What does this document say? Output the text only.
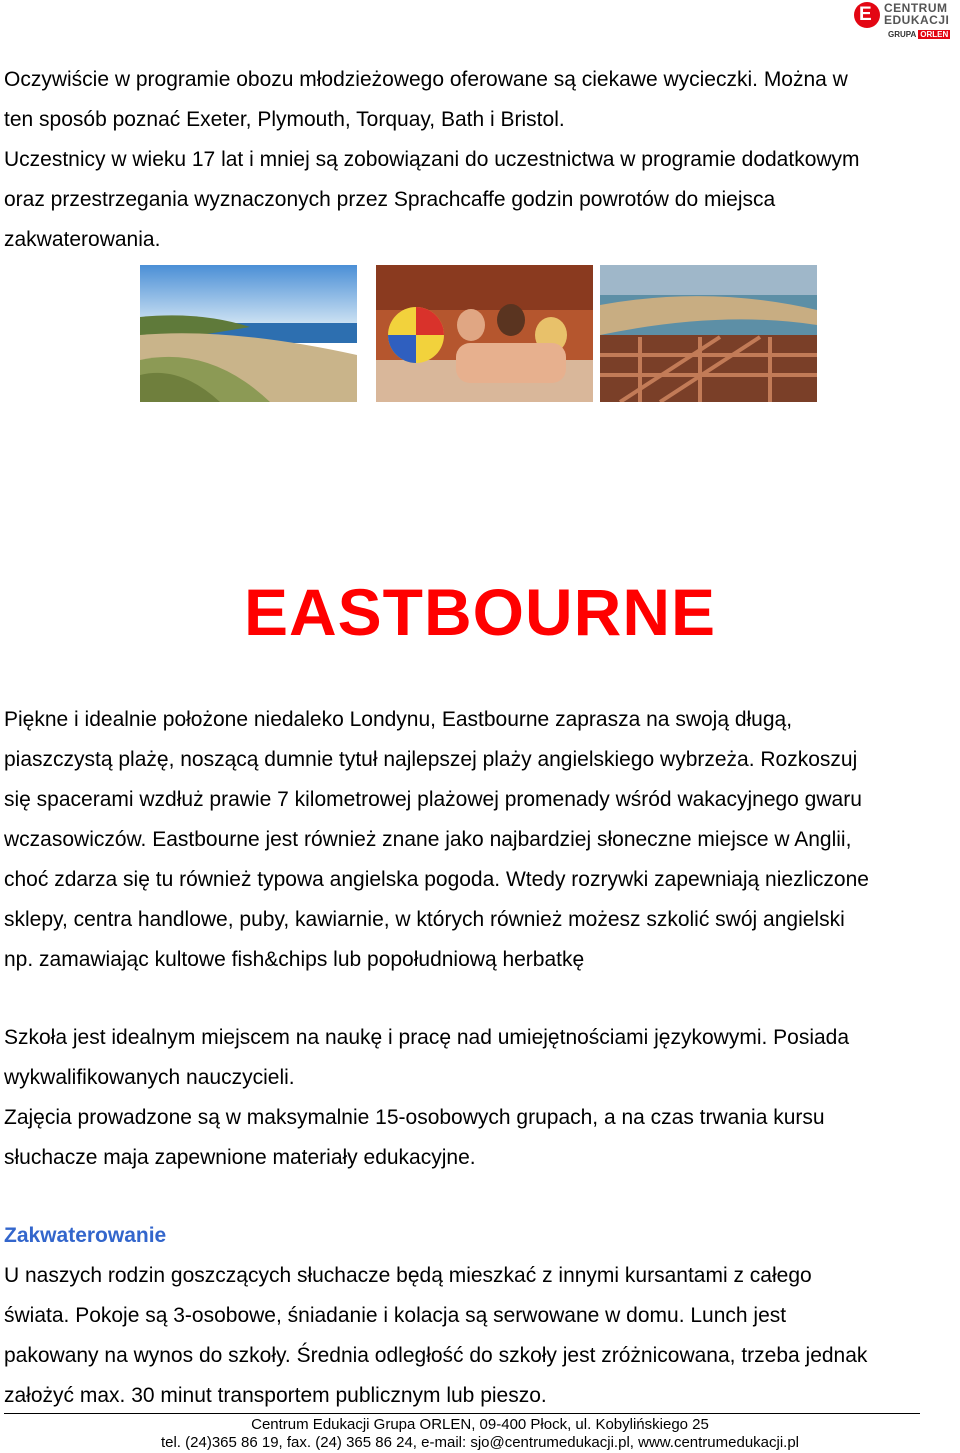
E CENTRUM
EDUKACJI
GRUPA ORLEN

Oczywiście w programie obozu młodzieżowego oferowane są ciekawe wycieczki. Można w
ten sposób poznać Exeter, Plymouth, Torquay, Bath i Bristol.
Uczestnicy w wieku 17 lat i mniej są zobowiązani do uczestnictwa w programie dodatkowym
oraz przestrzegania wyznaczonych przez Sprachcaffe godzin powrotów do miejsca
zakwaterowania.

EASTBOURNE

Piękne i idealnie położone niedaleko Londynu, Eastbourne zaprasza na swoją długą,
piaszczystą plażę, noszącą dumnie tytuł najlepszej plaży angielskiego wybrzeża. Rozkoszuj
się spacerami wzdłuż prawie 7 kilometrowej plażowej promenady wśród wakacyjnego gwaru
wczasowiczów. Eastbourne jest również znane jako najbardziej słoneczne miejsce w Anglii,
choć zdarza się tu również typowa angielska pogoda. Wtedy rozrywki zapewniają niezliczone
sklepy, centra handlowe, puby, kawiarnie, w których również możesz szkolić swój angielski
np. zamawiając kultowe fish&chips lub popołudniową herbatkę

Szkoła jest idealnym miejscem na naukę i pracę nad umiejętnościami językowymi. Posiada
wykwalifikowanych nauczycieli.
Zajęcia prowadzone są w maksymalnie 15-osobowych grupach, a na czas trwania kursu
słuchacze maja zapewnione materiały edukacyjne.

Zakwaterowanie

U naszych rodzin goszczących słuchacze będą mieszkać z innymi kursantami z całego
świata. Pokoje są 3-osobowe, śniadanie i kolacja są serwowane w domu. Lunch jest
pakowany na wynos do szkoły. Średnia odległość do szkoły jest zróżnicowana, trzeba jednak
założyć max. 30 minut transportem publicznym lub pieszo.

Centrum Edukacji Grupa ORLEN, 09-400 Płock, ul. Kobylińskiego 25
tel. (24)365 86 19, fax. (24) 365 86 24, e-mail: sjo@centrumedukacji.pl, www.centrumedukacji.pl
